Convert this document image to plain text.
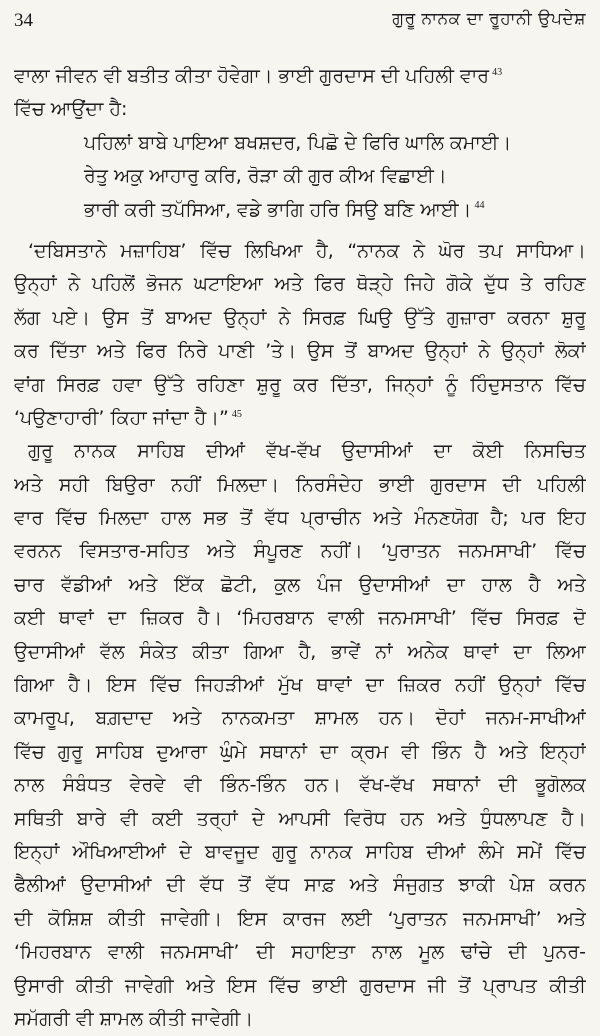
34	ਗੁਰੂ ਨਾਨਕ ਦਾ ਰੂਹਾਨੀ ਉਪਦੇਸ਼
ਵਾਲਾ ਜੀਵਨ ਵੀ ਬਤੀਤ ਕੀਤਾ ਹੋਵੇਗਾ। ਭਾਈ ਗੁਰਦਾਸ ਦੀ ਪਹਿਲੀ ਵਾਰ $^{43}$
ਵਿੱਚ ਆਉਂਦਾ ਹੈ:
ਪਹਿਲਾਂ ਬਾਬੇ ਪਾਇਆ ਬਖਸ਼ਦਰ, ਪਿਛੋ ਦੇ ਫਿਰਿ ਘਾਲਿ ਕਮਾਈ।
ਰੇਤੁ ਅਕੁ ਆਹਾਰੁ ਕਰਿ, ਰੋੜਾ ਕੀ ਗੁਰ ਕੀਅ ਵਿਛਾਈ।
ਭਾਰੀ ਕਰੀ ਤਪੱਸਿਆ, ਵਡੇ ਭਾਗਿ ਹਰਿ ਸਿਉ ਬਣਿ ਆਈ। $^{44}$
‘ਦਬਿਸਤਾਨੇ ਮਜ਼ਾਹਿਬ’ ਵਿੱਚ ਲਿਖਿਆ ਹੈ, “ਨਾਨਕ ਨੇ ਘੋਰ ਤਪ ਸਾਧਿਆ।
ਉਨ੍ਹਾਂ ਨੇ ਪਹਿਲੋਂ ਭੋਜਨ ਘਟਾਇਆ ਅਤੇ ਫਿਰ ਥੋੜ੍ਹੇ ਜਿਹੇ ਗੋਕੇ ਦੁੱਧ ਤੇ ਰਹਿਣ
ਲੱਗ ਪਏ। ਉਸ ਤੋਂ ਬਾਅਦ ਉਨ੍ਹਾਂ ਨੇ ਸਿਰਫ਼ ਘਿਉ ਉੱਤੇ ਗੁਜ਼ਾਰਾ ਕਰਨਾ ਸ਼ੁਰੂ
ਕਰ ਦਿੱਤਾ ਅਤੇ ਫਿਰ ਨਿਰੇ ਪਾਣੀ ’ਤੇ। ਉਸ ਤੋਂ ਬਾਅਦ ਉਨ੍ਹਾਂ ਨੇ ਉਨ੍ਹਾਂ ਲੋਕਾਂ
ਵਾਂਗ ਸਿਰਫ਼ ਹਵਾ ਉੱਤੇ ਰਹਿਣਾ ਸ਼ੁਰੂ ਕਰ ਦਿੱਤਾ, ਜਿਨ੍ਹਾਂ ਨੂੰ ਹਿੰਦੁਸਤਾਨ ਵਿੱਚ
‘ਪਉਣਾਹਾਰੀ’ ਕਿਹਾ ਜਾਂਦਾ ਹੈ।” $^{45}$
ਗੁਰੂ ਨਾਨਕ ਸਾਹਿਬ ਦੀਆਂ ਵੱਖ-ਵੱਖ ਉਦਾਸੀਆਂ ਦਾ ਕੋਈ ਨਿਸਚਿਤ
ਅਤੇ ਸਹੀ ਬਿਉਰਾ ਨਹੀਂ ਮਿਲਦਾ। ਨਿਰਸੰਦੇਹ ਭਾਈ ਗੁਰਦਾਸ ਦੀ ਪਹਿਲੀ
ਵਾਰ ਵਿੱਚ ਮਿਲਦਾ ਹਾਲ ਸਭ ਤੋਂ ਵੱਧ ਪ੍ਰਾਚੀਨ ਅਤੇ ਮੰਨਣਯੋਗ ਹੈ; ਪਰ ਇਹ
ਵਰਨਨ ਵਿਸਤਾਰ-ਸਹਿਤ ਅਤੇ ਸੰਪੂਰਣ ਨਹੀਂ। ‘ਪੁਰਾਤਨ ਜਨਮਸਾਖੀ’ ਵਿੱਚ
ਚਾਰ ਵੱਡੀਆਂ ਅਤੇ ਇੱਕ ਛੋਟੀ, ਕੁਲ ਪੰਜ ਉਦਾਸੀਆਂ ਦਾ ਹਾਲ ਹੈ ਅਤੇ
ਕਈ ਥਾਵਾਂ ਦਾ ਜ਼ਿਕਰ ਹੈ। ‘ਮਿਹਰਬਾਨ ਵਾਲੀ ਜਨਮਸਾਖੀ’ ਵਿੱਚ ਸਿਰਫ਼ ਦੋ
ਉਦਾਸੀਆਂ ਵੱਲ ਸੰਕੇਤ ਕੀਤਾ ਗਿਆ ਹੈ, ਭਾਵੇਂ ਨਾਂ ਅਨੇਕ ਥਾਵਾਂ ਦਾ ਲਿਆ
ਗਿਆ ਹੈ। ਇਸ ਵਿੱਚ ਜਿਹੜੀਆਂ ਮੁੱਖ ਥਾਵਾਂ ਦਾ ਜ਼ਿਕਰ ਨਹੀਂ ਉਨ੍ਹਾਂ ਵਿੱਚ
ਕਾਮਰੂਪ, ਬਗ਼ਦਾਦ ਅਤੇ ਨਾਨਕਮਤਾ ਸ਼ਾਮਲ ਹਨ। ਦੋਹਾਂ ਜਨਮ-ਸਾਖੀਆਂ
ਵਿੱਚ ਗੁਰੂ ਸਾਹਿਬ ਦੁਆਰਾ ਘੁੰਮੇ ਸਥਾਨਾਂ ਦਾ ਕ੍ਰਮ ਵੀ ਭਿੰਨ ਹੈ ਅਤੇ ਇਨ੍ਹਾਂ
ਨਾਲ ਸੰਬੰਧਤ ਵੇਰਵੇ ਵੀ ਭਿੰਨ-ਭਿੰਨ ਹਨ। ਵੱਖ-ਵੱਖ ਸਥਾਨਾਂ ਦੀ ਭੂਗੋਲਕ
ਸਥਿਤੀ ਬਾਰੇ ਵੀ ਕਈ ਤਰ੍ਹਾਂ ਦੇ ਆਪਸੀ ਵਿਰੋਧ ਹਨ ਅਤੇ ਧੁੰਧਲਾਪਣ ਹੈ।
ਇਨ੍ਹਾਂ ਔਖਿਆਈਆਂ ਦੇ ਬਾਵਜੂਦ ਗੁਰੂ ਨਾਨਕ ਸਾਹਿਬ ਦੀਆਂ ਲੰਮੇ ਸਮੇਂ ਵਿੱਚ
ਫੈਲੀਆਂ ਉਦਾਸੀਆਂ ਦੀ ਵੱਧ ਤੋਂ ਵੱਧ ਸਾਫ਼ ਅਤੇ ਸੰਜੁਗਤ ਝਾਕੀ ਪੇਸ਼ ਕਰਨ
ਦੀ ਕੋਸ਼ਿਸ਼ ਕੀਤੀ ਜਾਵੇਗੀ। ਇਸ ਕਾਰਜ ਲਈ ‘ਪੁਰਾਤਨ ਜਨਮਸਾਖੀ’ ਅਤੇ
‘ਮਿਹਰਬਾਨ ਵਾਲੀ ਜਨਮਸਾਖੀ’ ਦੀ ਸਹਾਇਤਾ ਨਾਲ ਮੂਲ ਢਾਂਚੇ ਦੀ ਪੁਨਰ-
ਉਸਾਰੀ ਕੀਤੀ ਜਾਵੇਗੀ ਅਤੇ ਇਸ ਵਿੱਚ ਭਾਈ ਗੁਰਦਾਸ ਜੀ ਤੋਂ ਪ੍ਰਾਪਤ ਕੀਤੀ
ਸਮੱਗਰੀ ਵੀ ਸ਼ਾਮਲ ਕੀਤੀ ਜਾਵੇਗੀ।
